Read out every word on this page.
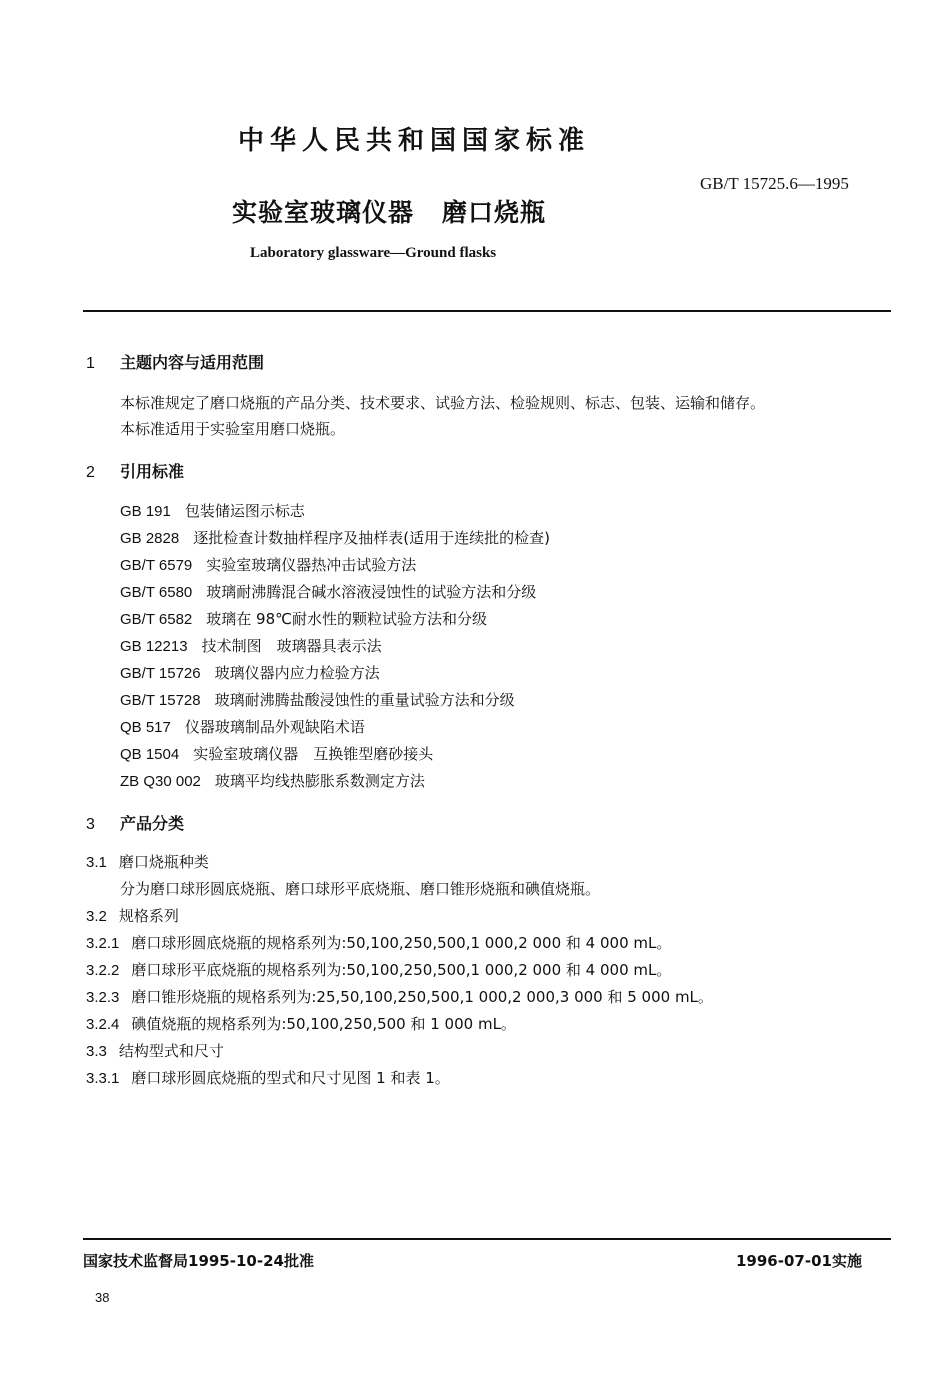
中华人民共和国国家标准
GB/T 15725.6—1995
实验室玻璃仪器 磨口烧瓶
Laboratory glassware—Ground flasks
1 主题内容与适用范围
本标准规定了磨口烧瓶的产品分类、技术要求、试验方法、检验规则、标志、包装、运输和储存。
本标准适用于实验室用磨口烧瓶。
2 引用标准
GB 191 包装储运图示标志
GB 2828 逐批检查计数抽样程序及抽样表(适用于连续批的检查)
GB/T 6579 实验室玻璃仪器热冲击试验方法
GB/T 6580 玻璃耐沸腾混合碱水溶液浸蚀性的试验方法和分级
GB/T 6582 玻璃在 98℃耐水性的颗粒试验方法和分级
GB 12213 技术制图　玻璃器具表示法
GB/T 15726 玻璃仪器内应力检验方法
GB/T 15728 玻璃耐沸腾盐酸浸蚀性的重量试验方法和分级
QB 517 仪器玻璃制品外观缺陷术语
QB 1504 实验室玻璃仪器　互换锥型磨砂接头
ZB Q30 002 玻璃平均线热膨胀系数测定方法
3 产品分类
3.1 磨口烧瓶种类
分为磨口球形圆底烧瓶、磨口球形平底烧瓶、磨口锥形烧瓶和碘值烧瓶。
3.2 规格系列
3.2.1 磨口球形圆底烧瓶的规格系列为:50,100,250,500,1 000,2 000 和 4 000 mL。
3.2.2 磨口球形平底烧瓶的规格系列为:50,100,250,500,1 000,2 000 和 4 000 mL。
3.2.3 磨口锥形烧瓶的规格系列为:25,50,100,250,500,1 000,2 000,3 000 和 5 000 mL。
3.2.4 碘值烧瓶的规格系列为:50,100,250,500 和 1 000 mL。
3.3 结构型式和尺寸
3.3.1 磨口球形圆底烧瓶的型式和尺寸见图 1 和表 1。
国家技术监督局1995-10-24批准	1996-07-01实施
38
